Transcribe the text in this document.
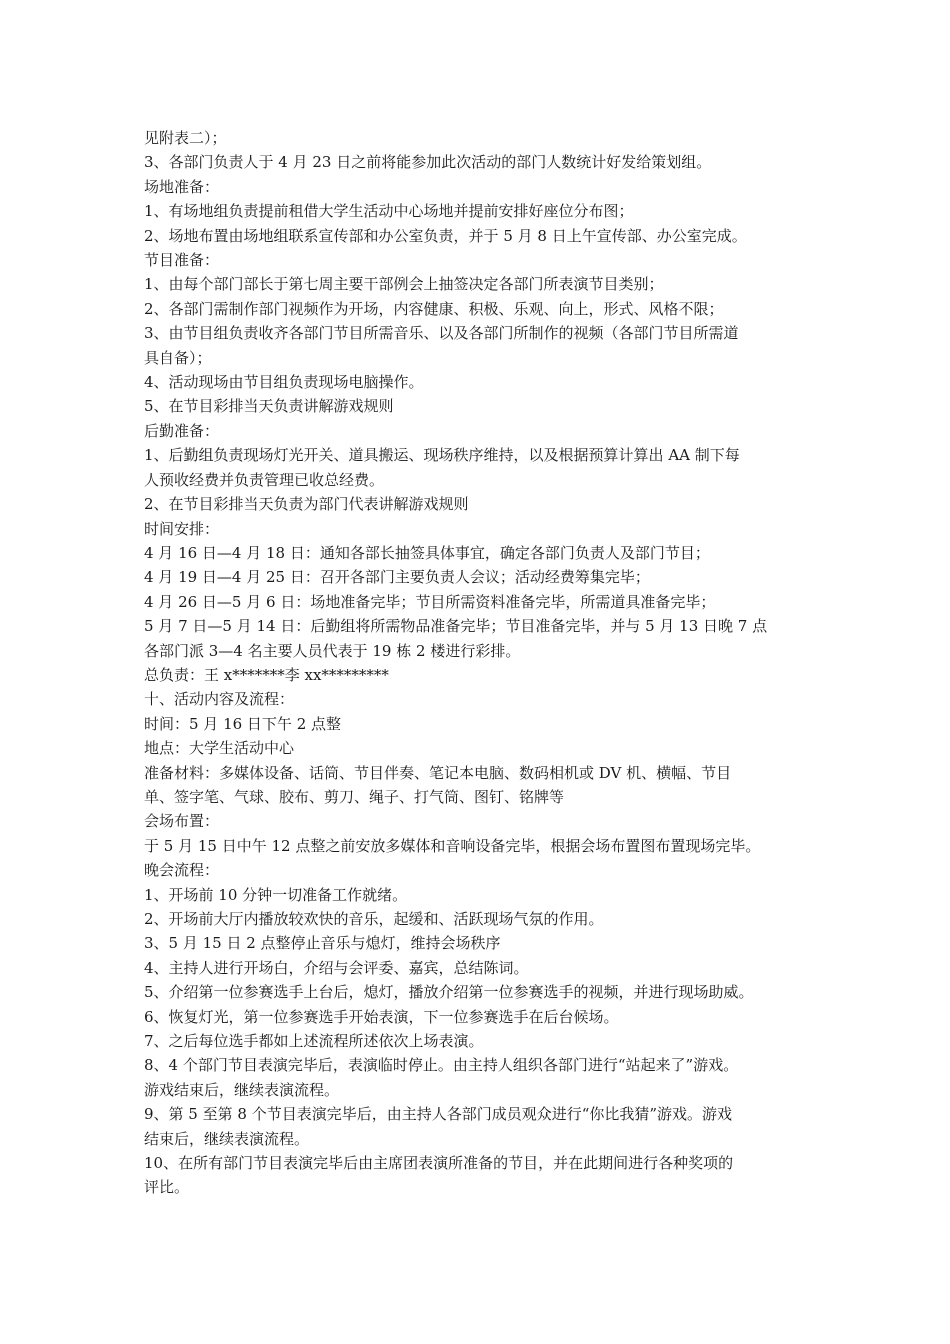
见附表二）；

3、各部门负责人于 4 月 23 日之前将能参加此次活动的部门人数统计好发给策划组。

场地准备：

1、有场地组负责提前租借大学生活动中心场地并提前安排好座位分布图；

2、场地布置由场地组联系宣传部和办公室负责，并于 5 月 8 日上午宣传部、办公室完成。

节目准备：

1、由每个部门部长于第七周主要干部例会上抽签决定各部门所表演节目类别；

2、各部门需制作部门视频作为开场，内容健康、积极、乐观、向上，形式、风格不限；

3、由节目组负责收齐各部门节目所需音乐、以及各部门所制作的视频（各部门节目所需道

具自备）；

4、活动现场由节目组负责现场电脑操作。

5、在节目彩排当天负责讲解游戏规则

后勤准备：

1、后勤组负责现场灯光开关、道具搬运、现场秩序维持，以及根据预算计算出 AA 制下每

人预收经费并负责管理已收总经费。

2、在节目彩排当天负责为部门代表讲解游戏规则

时间安排：

4 月 16 日—4 月 18 日：通知各部长抽签具体事宜，确定各部门负责人及部门节目；

4 月 19 日—4 月 25 日：召开各部门主要负责人会议；活动经费筹集完毕；

4 月 26 日—5 月 6 日：场地准备完毕；节目所需资料准备完毕，所需道具准备完毕；

5 月 7 日—5 月 14 日：后勤组将所需物品准备完毕；节目准备完毕，并与 5 月 13 日晚 7 点

各部门派 3—4 名主要人员代表于 19 栋 2 楼进行彩排。

总负责：王 x*******李 xx*********

十、活动内容及流程：

时间：5 月 16 日下午 2 点整

地点：大学生活动中心

准备材料：多媒体设备、话筒、节目伴奏、笔记本电脑、数码相机或 DV 机、横幅、节目

单、签字笔、气球、胶布、剪刀、绳子、打气筒、图钉、铭牌等

会场布置：

于 5 月 15 日中午 12 点整之前安放多媒体和音响设备完毕，根据会场布置图布置现场完毕。

晚会流程：

1、开场前 10 分钟一切准备工作就绪。

2、开场前大厅内播放较欢快的音乐，起缓和、活跃现场气氛的作用。

3、5 月 15 日 2 点整停止音乐与熄灯，维持会场秩序

4、主持人进行开场白，介绍与会评委、嘉宾，总结陈词。

5、介绍第一位参赛选手上台后，熄灯，播放介绍第一位参赛选手的视频，并进行现场助威。

6、恢复灯光，第一位参赛选手开始表演，下一位参赛选手在后台候场。

7、之后每位选手都如上述流程所述依次上场表演。

8、4 个部门节目表演完毕后，表演临时停止。由主持人组织各部门进行“站起来了”游戏。

游戏结束后，继续表演流程。

9、第 5 至第 8 个节目表演完毕后，由主持人各部门成员观众进行“你比我猜”游戏。游戏

结束后，继续表演流程。

10、在所有部门节目表演完毕后由主席团表演所准备的节目，并在此期间进行各种奖项的

评比。
